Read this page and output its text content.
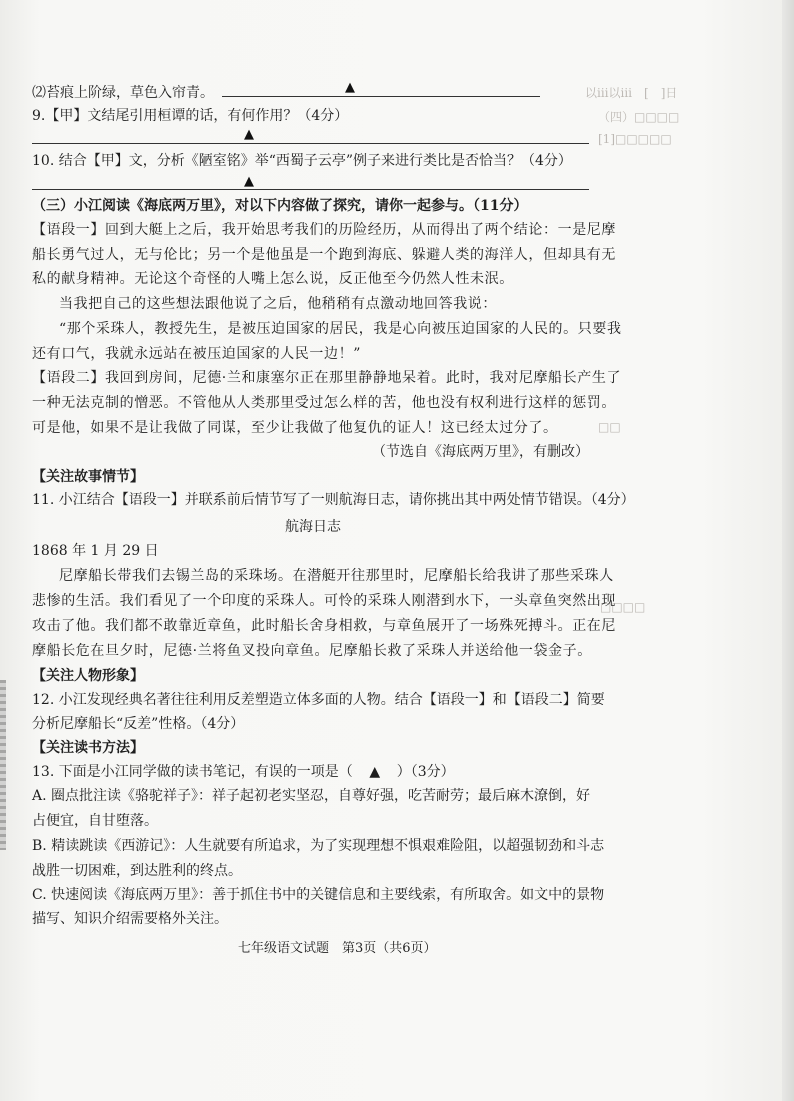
以ⅲ以ⅲ　[　]日
（四）□□□□
[1]□□□□□
□□
□□□□
⑵苔痕上阶绿，草色入帘青。	▲
9.【甲】文结尾引用桓谭的话，有何作用？（4分）
▲
10. 结合【甲】文，分析《陋室铭》举“西蜀子云亭”例子来进行类比是否恰当？（4分）
▲
（三）小江阅读《海底两万里》，对以下内容做了探究，请你一起参与。（11分）
【语段一】回到大艇上之后，我开始思考我们的历险经历，从而得出了两个结论：一是尼摩
船长勇气过人，无与伦比；另一个是他虽是一个跑到海底、躲避人类的海洋人，但却具有无
私的献身精神。无论这个奇怪的人嘴上怎么说，反正他至今仍然人性未泯。
当我把自己的这些想法跟他说了之后，他稍稍有点激动地回答我说：
“那个采珠人，教授先生，是被压迫国家的居民，我是心向被压迫国家的人民的。只要我
还有口气，我就永远站在被压迫国家的人民一边！”
【语段二】我回到房间，尼德·兰和康塞尔正在那里静静地呆着。此时，我对尼摩船长产生了
一种无法克制的憎恶。不管他从人类那里受过怎么样的苦，他也没有权利进行这样的惩罚。
可是他，如果不是让我做了同谋，至少让我做了他复仇的证人！这已经太过分了。
（节选自《海底两万里》，有删改）
【关注故事情节】
11. 小江结合【语段一】并联系前后情节写了一则航海日志，请你挑出其中两处情节错误。（4分）
航海日志
1868 年 1 月 29 日
尼摩船长带我们去锡兰岛的采珠场。在潜艇开往那里时，尼摩船长给我讲了那些采珠人
悲惨的生活。我们看见了一个印度的采珠人。可怜的采珠人刚潜到水下，一头章鱼突然出现
攻击了他。我们都不敢靠近章鱼，此时船长舍身相救，与章鱼展开了一场殊死搏斗。正在尼
摩船长危在旦夕时，尼德·兰将鱼叉投向章鱼。尼摩船长救了采珠人并送给他一袋金子。
【关注人物形象】
12. 小江发现经典名著往往利用反差塑造立体多面的人物。结合【语段一】和【语段二】简要
分析尼摩船长“反差”性格。（4分）
【关注读书方法】
13. 下面是小江同学做的读书笔记，有误的一项是（ ▲ ）（3分）
A. 圈点批注读《骆驼祥子》：祥子起初老实坚忍，自尊好强，吃苦耐劳；最后麻木潦倒，好
占便宜，自甘堕落。
B. 精读跳读《西游记》：人生就要有所追求，为了实现理想不惧艰难险阻，以超强韧劲和斗志
战胜一切困难，到达胜利的终点。
C. 快速阅读《海底两万里》：善于抓住书中的关键信息和主要线索，有所取舍。如文中的景物
描写、知识介绍需要格外关注。
七年级语文试题　第3页（共6页）
